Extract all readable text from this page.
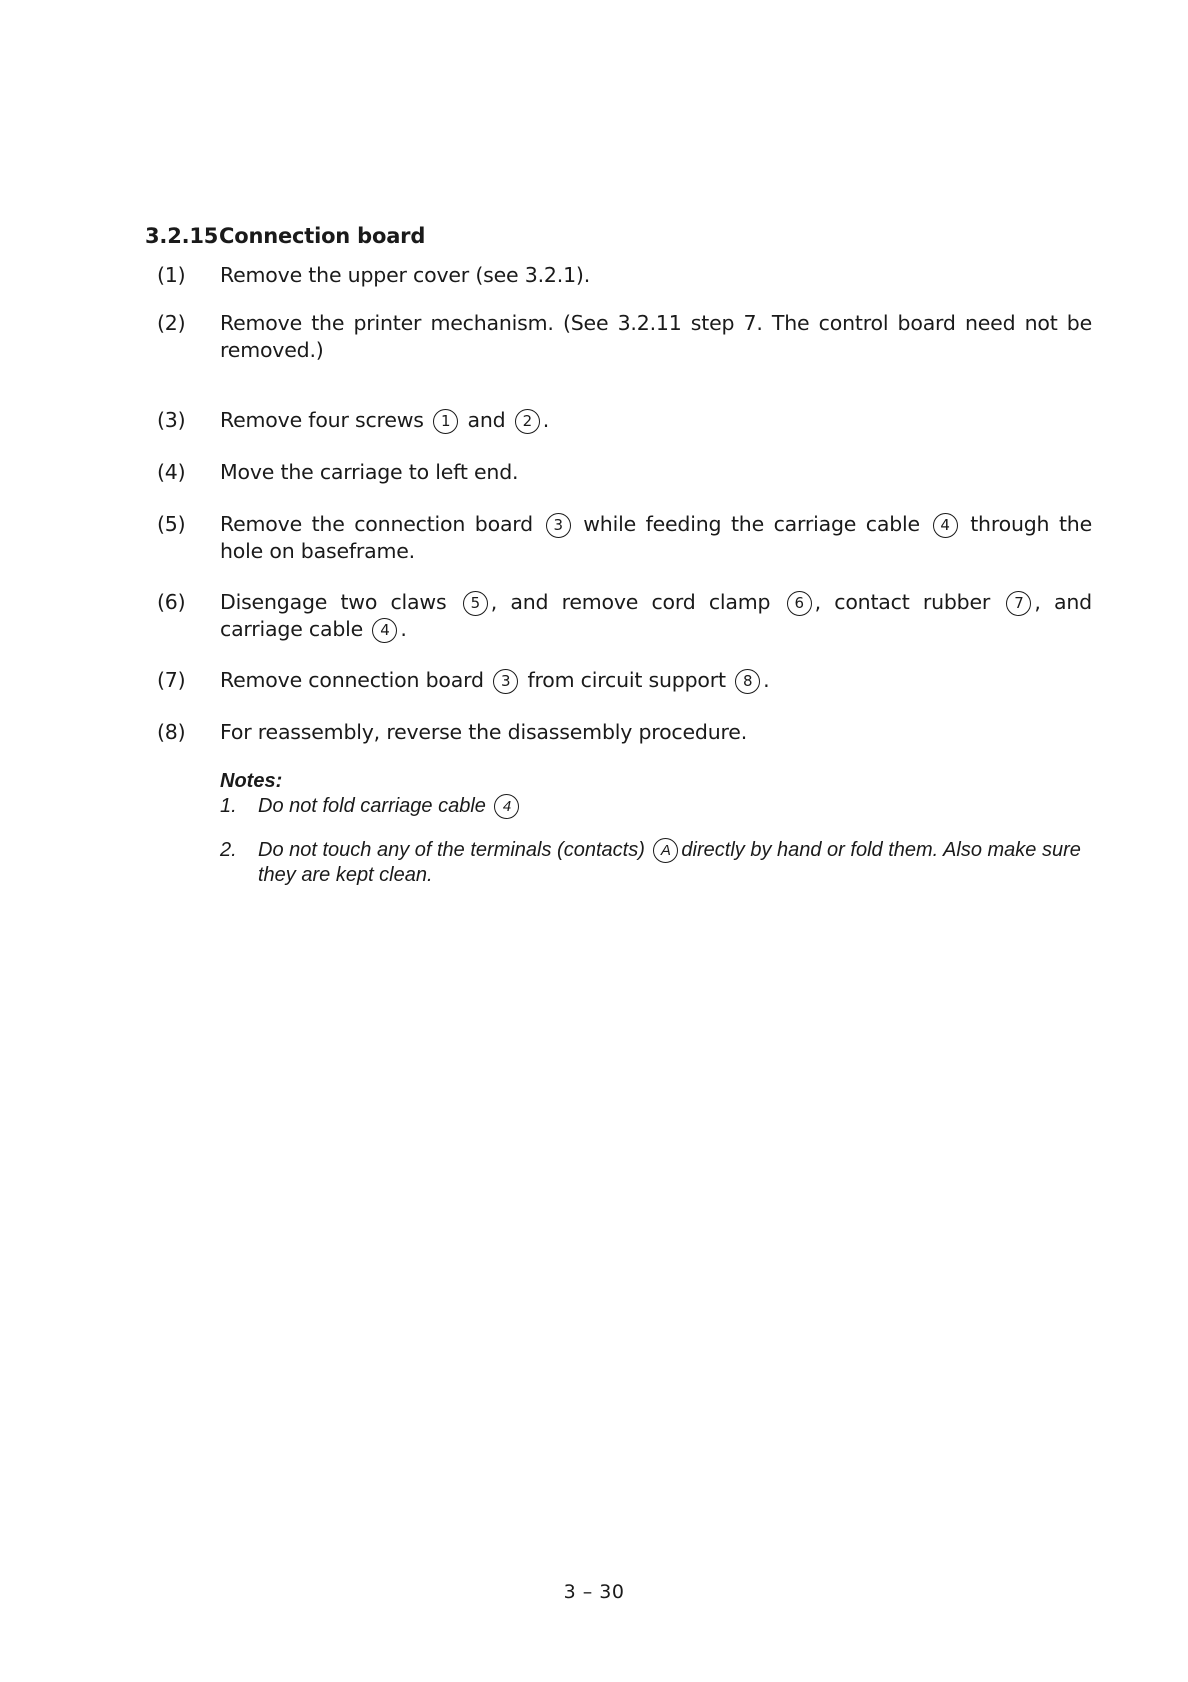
3.2.15Connection board
(1) Remove the upper cover (see 3.2.1).
(2) Remove the printer mechanism. (See 3.2.11 step 7. The control board need not be removed.)
(3) Remove four screws 1 and 2 .
(4) Move the carriage to left end.
(5) Remove the connection board 3 while feeding the carriage cable 4 through the hole on baseframe.
(6) Disengage two claws 5 , and remove cord clamp 6 , contact rubber 7 , and carriage cable 4 .
(7) Remove connection board 3 from circuit support 8 .
(8) For reassembly, reverse the disassembly procedure.
Notes:
1. Do not fold carriage cable 4
2. Do not touch any of the terminals (contacts) A directly by hand or fold them. Also make sure they are kept clean.
3 – 30
